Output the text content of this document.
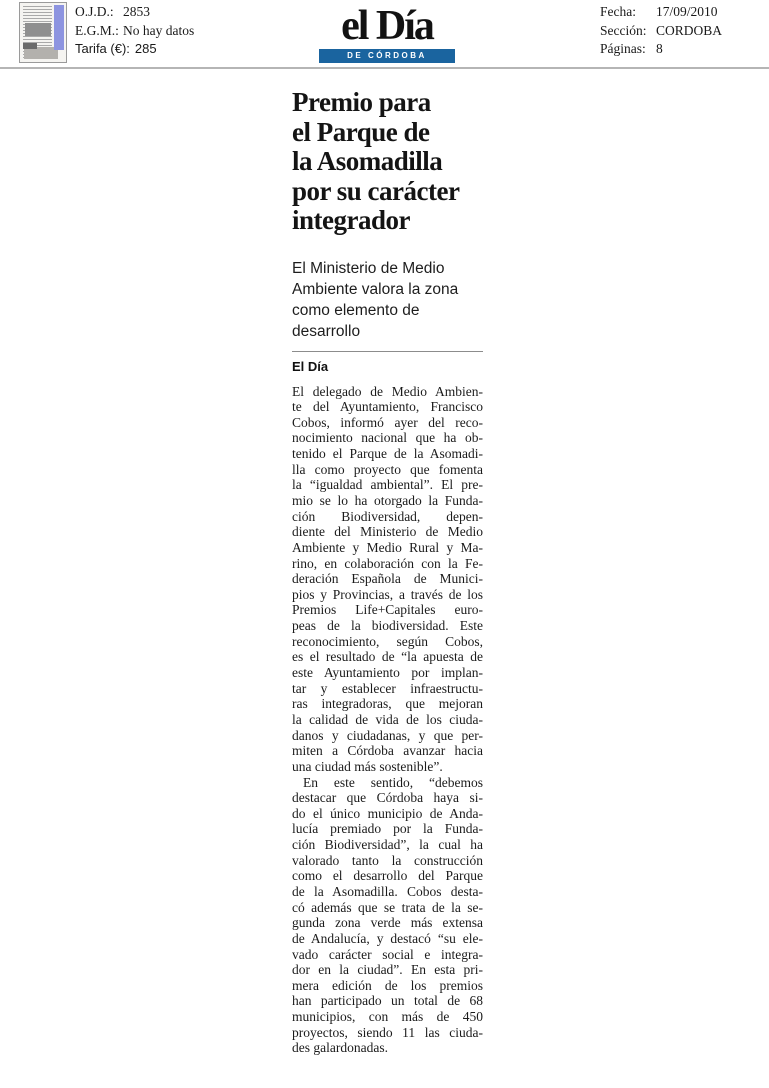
O.J.D.: 2853
E.G.M.: No hay datos
Tarifa (€): 285	el Día
DE CÓRDOBA
Fecha: 17/09/2010
Sección: CORDOBA
Páginas: 8
Premio para
el Parque de
la Asomadilla
por su carácter
integrador
El Ministerio de Medio
Ambiente valora la zona
como elemento de desarrollo
El Día
El delegado de Medio Ambien-
te del Ayuntamiento, Francisco
Cobos, informó ayer del reco-
nocimiento nacional que ha ob-
tenido el Parque de la Asomadi-
lla como proyecto que fomenta
la “igualdad ambiental”. El pre-
mio se lo ha otorgado la Funda-
ción Biodiversidad, depen-
diente del Ministerio de Medio
Ambiente y Medio Rural y Ma-
rino, en colaboración con la Fe-
deración Española de Munici-
pios y Provincias, a través de los
Premios Life+Capitales euro-
peas de la biodiversidad. Este
reconocimiento, según Cobos,
es el resultado de “la apuesta de
este Ayuntamiento por implan-
tar y establecer infraestructu-
ras integradoras, que mejoran
la calidad de vida de los ciuda-
danos y ciudadanas, y que per-
miten a Córdoba avanzar hacia
una ciudad más sostenible”.
En este sentido, “debemos
destacar que Córdoba haya si-
do el único municipio de Anda-
lucía premiado por la Funda-
ción Biodiversidad”, la cual ha
valorado tanto la construcción
como el desarrollo del Parque
de la Asomadilla. Cobos desta-
có además que se trata de la se-
gunda zona verde más extensa
de Andalucía, y destacó “su ele-
vado carácter social e integra-
dor en la ciudad”. En esta pri-
mera edición de los premios
han participado un total de 68
municipios, con más de 450
proyectos, siendo 11 las ciuda-
des galardonadas.
